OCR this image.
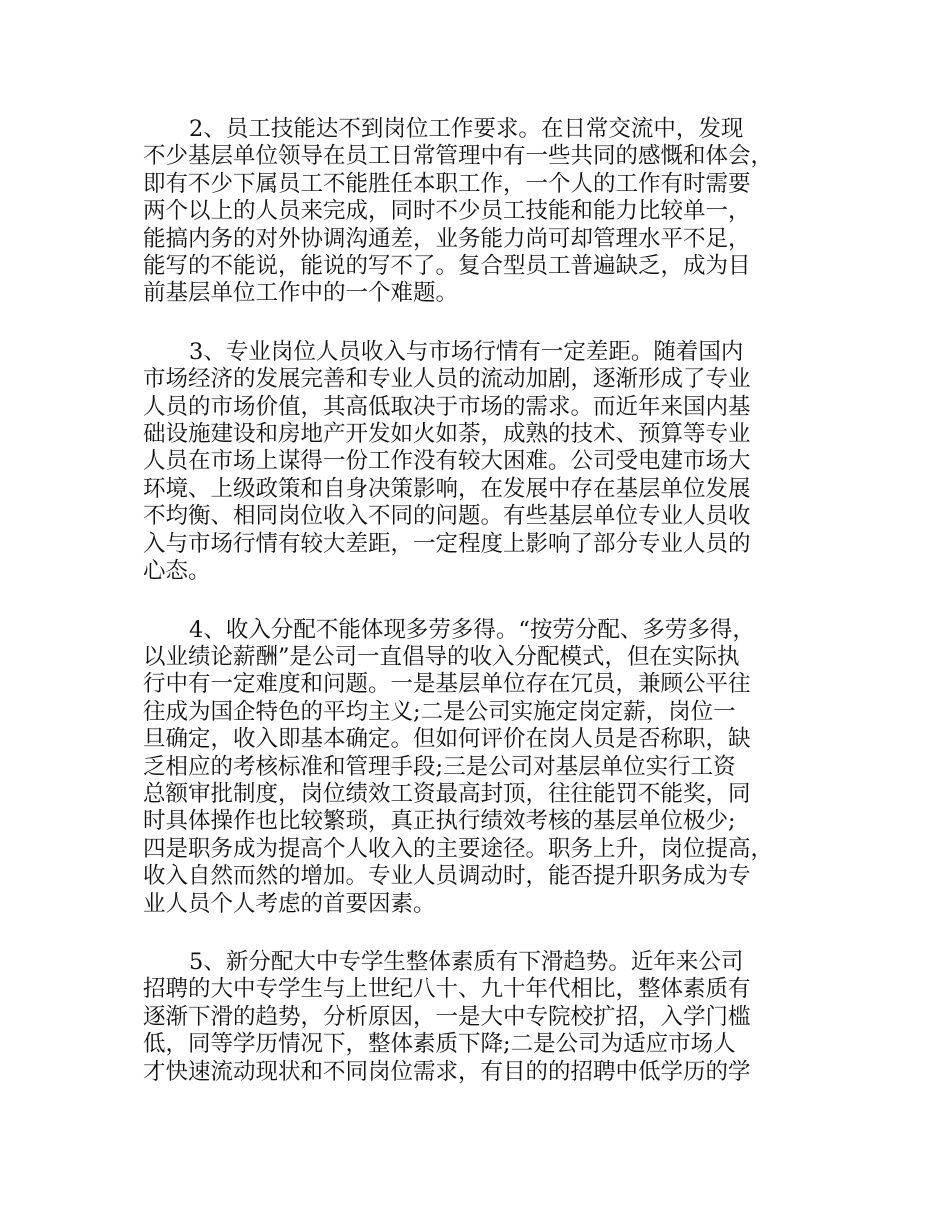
2、员工技能达不到岗位工作要求。在日常交流中，发现
不少基层单位领导在员工日常管理中有一些共同的感慨和体会，
即有不少下属员工不能胜任本职工作，一个人的工作有时需要
两个以上的人员来完成，同时不少员工技能和能力比较单一，
能搞内务的对外协调沟通差，业务能力尚可却管理水平不足，
能写的不能说，能说的写不了。复合型员工普遍缺乏，成为目
前基层单位工作中的一个难题。
3、专业岗位人员收入与市场行情有一定差距。随着国内
市场经济的发展完善和专业人员的流动加剧，逐渐形成了专业
人员的市场价值，其高低取决于市场的需求。而近年来国内基
础设施建设和房地产开发如火如荼，成熟的技术、预算等专业
人员在市场上谋得一份工作没有较大困难。公司受电建市场大
环境、上级政策和自身决策影响，在发展中存在基层单位发展
不均衡、相同岗位收入不同的问题。有些基层单位专业人员收
入与市场行情有较大差距，一定程度上影响了部分专业人员的
心态。
4、收入分配不能体现多劳多得。“按劳分配、多劳多得，
以业绩论薪酬”是公司一直倡导的收入分配模式，但在实际执
行中有一定难度和问题。一是基层单位存在冗员，兼顾公平往
往成为国企特色的平均主义;二是公司实施定岗定薪，岗位一
旦确定，收入即基本确定。但如何评价在岗人员是否称职，缺
乏相应的考核标准和管理手段;三是公司对基层单位实行工资
总额审批制度，岗位绩效工资最高封顶，往往能罚不能奖，同
时具体操作也比较繁琐，真正执行绩效考核的基层单位极少;
四是职务成为提高个人收入的主要途径。职务上升，岗位提高，
收入自然而然的增加。专业人员调动时，能否提升职务成为专
业人员个人考虑的首要因素。
5、新分配大中专学生整体素质有下滑趋势。近年来公司
招聘的大中专学生与上世纪八十、九十年代相比，整体素质有
逐渐下滑的趋势，分析原因，一是大中专院校扩招，入学门槛
低，同等学历情况下，整体素质下降;二是公司为适应市场人
才快速流动现状和不同岗位需求，有目的的招聘中低学历的学
